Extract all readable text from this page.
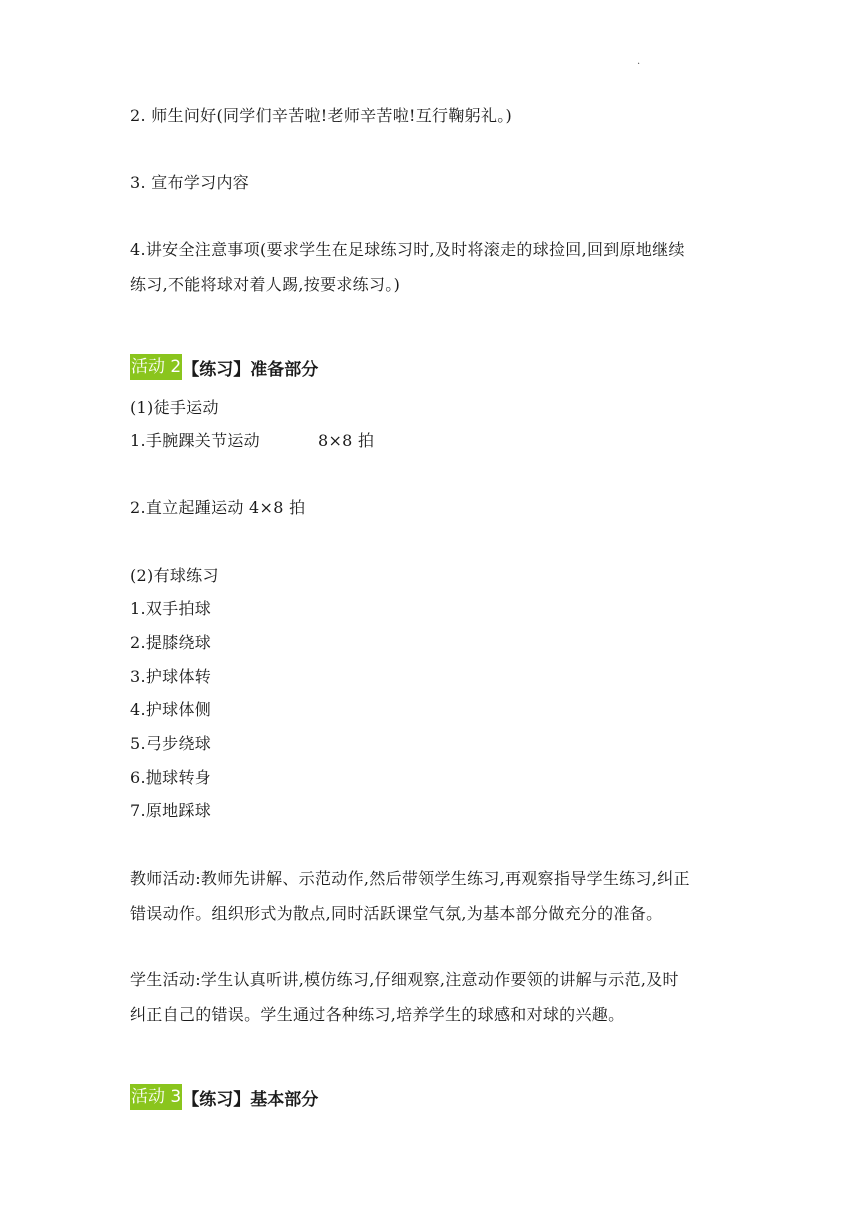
.
2. 师生问好(同学们辛苦啦!老师辛苦啦!互行鞠躬礼。)
3. 宣布学习内容
4.讲安全注意事项(要求学生在足球练习时,及时将滚走的球捡回,回到原地继续
练习,不能将球对着人踢,按要求练习。)
活动 2 【练习】准备部分
(1)徒手运动
1.手腕踝关节运动	8×8 拍
2.直立起踵运动 4×8 拍
(2)有球练习
1.双手拍球
2.提膝绕球
3.护球体转
4.护球体侧
5.弓步绕球
6.抛球转身
7.原地踩球
教师活动:教师先讲解、示范动作,然后带领学生练习,再观察指导学生练习,纠正
错误动作。组织形式为散点,同时活跃课堂气氛,为基本部分做充分的准备。
学生活动:学生认真听讲,模仿练习,仔细观察,注意动作要领的讲解与示范,及时
纠正自己的错误。学生通过各种练习,培养学生的球感和对球的兴趣。
活动 3 【练习】基本部分
